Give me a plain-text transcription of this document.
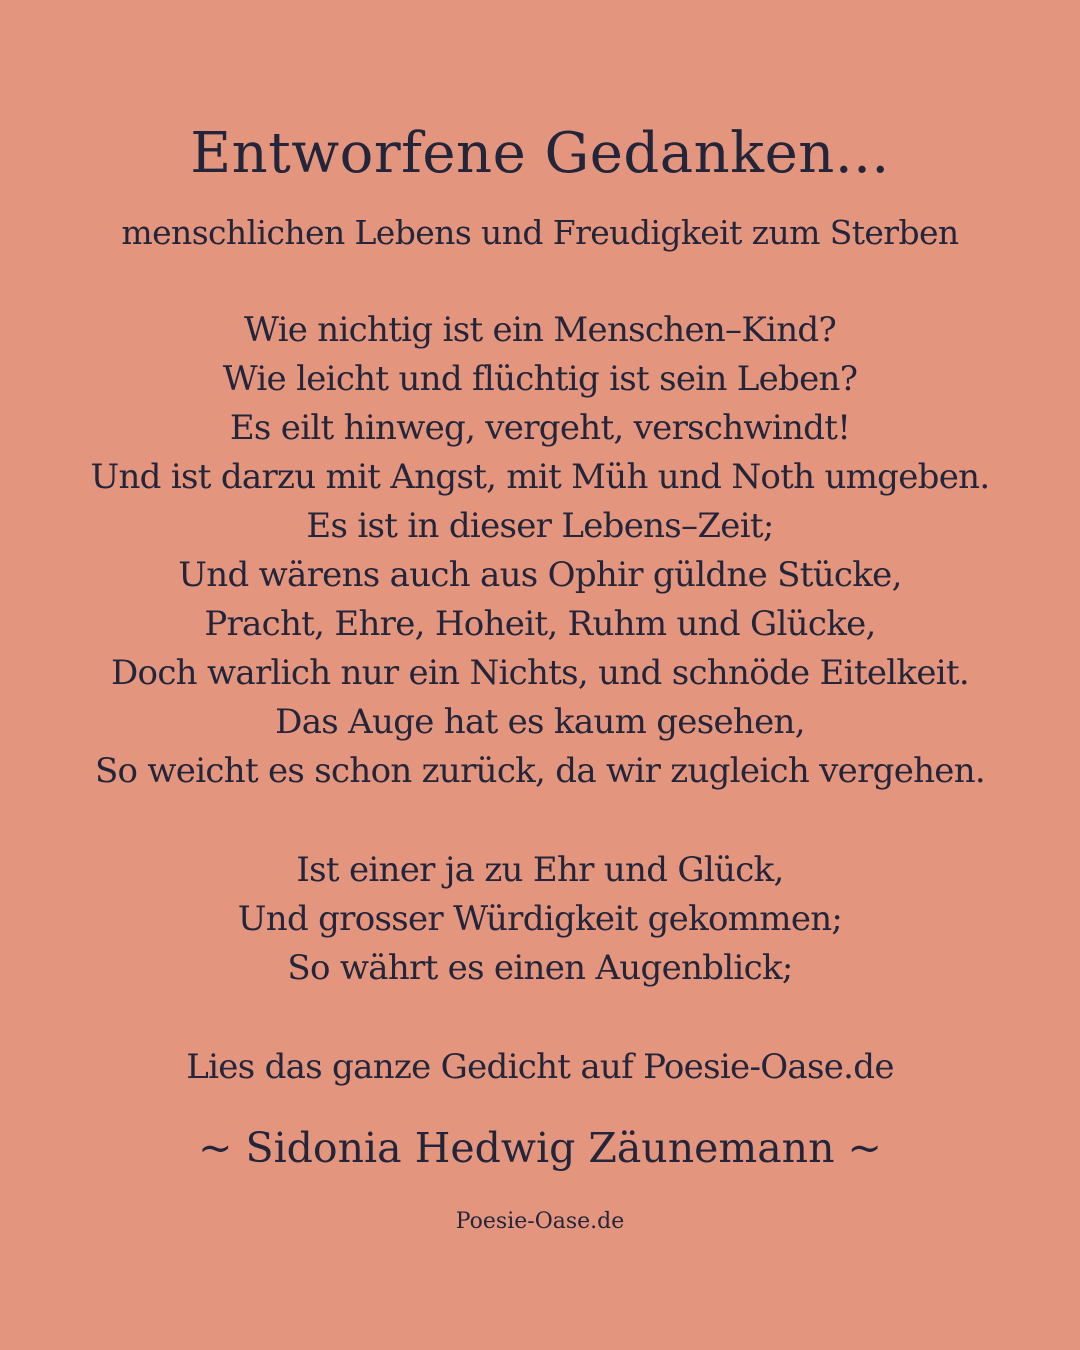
Entworfene Gedanken...
menschlichen Lebens und Freudigkeit zum Sterben
Wie nichtig ist ein Menschen–Kind?
Wie leicht und flüchtig ist sein Leben?
Es eilt hinweg, vergeht, verschwindt!
Und ist darzu mit Angst, mit Müh und Noth umgeben.
Es ist in dieser Lebens–Zeit;
Und wärens auch aus Ophir güldne Stücke,
Pracht, Ehre, Hoheit, Ruhm und Glücke,
Doch warlich nur ein Nichts, und schnöde Eitelkeit.
Das Auge hat es kaum gesehen,
So weicht es schon zurück, da wir zugleich vergehen.
Ist einer ja zu Ehr und Glück,
Und grosser Würdigkeit gekommen;
So währt es einen Augenblick;

Lies das ganze Gedicht auf Poesie-Oase.de

~ Sidonia Hedwig Zäunemann ~

Poesie-Oase.de
